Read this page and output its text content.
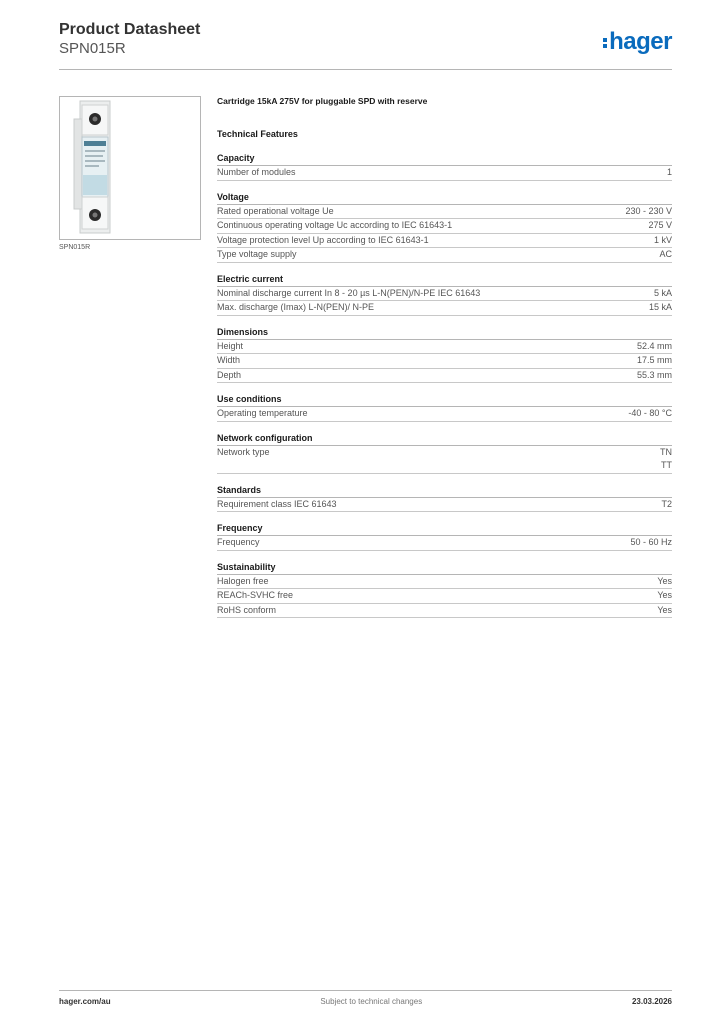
Product Datasheet
SPN015R	hager
SPN015R
Cartridge 15kA 275V for pluggable SPD with reserve
Technical Features
Capacity
Number of modules	1
Voltage
Rated operational voltage Ue	230 - 230 V
Continuous operating voltage Uc according to IEC 61643-1	275 V
Voltage protection level Up according to IEC 61643-1	1 kV
Type voltage supply	AC
Electric current
Nominal discharge current In 8 - 20 µs L-N(PEN)/N-PE IEC 61643	5 kA
Max. discharge (Imax) L-N(PEN)/ N-PE	15 kA
Dimensions
Height	52.4 mm
Width	17.5 mm
Depth	55.3 mm
Use conditions
Operating temperature	-40 - 80 °C
Network configuration
Network type	TN
TT
Standards
Requirement class IEC 61643	T2
Frequency
Frequency	50 - 60 Hz
Sustainability
Halogen free	Yes
REACh-SVHC free	Yes
RoHS conform	Yes
hager.com/au	Subject to technical changes	23.03.2026
